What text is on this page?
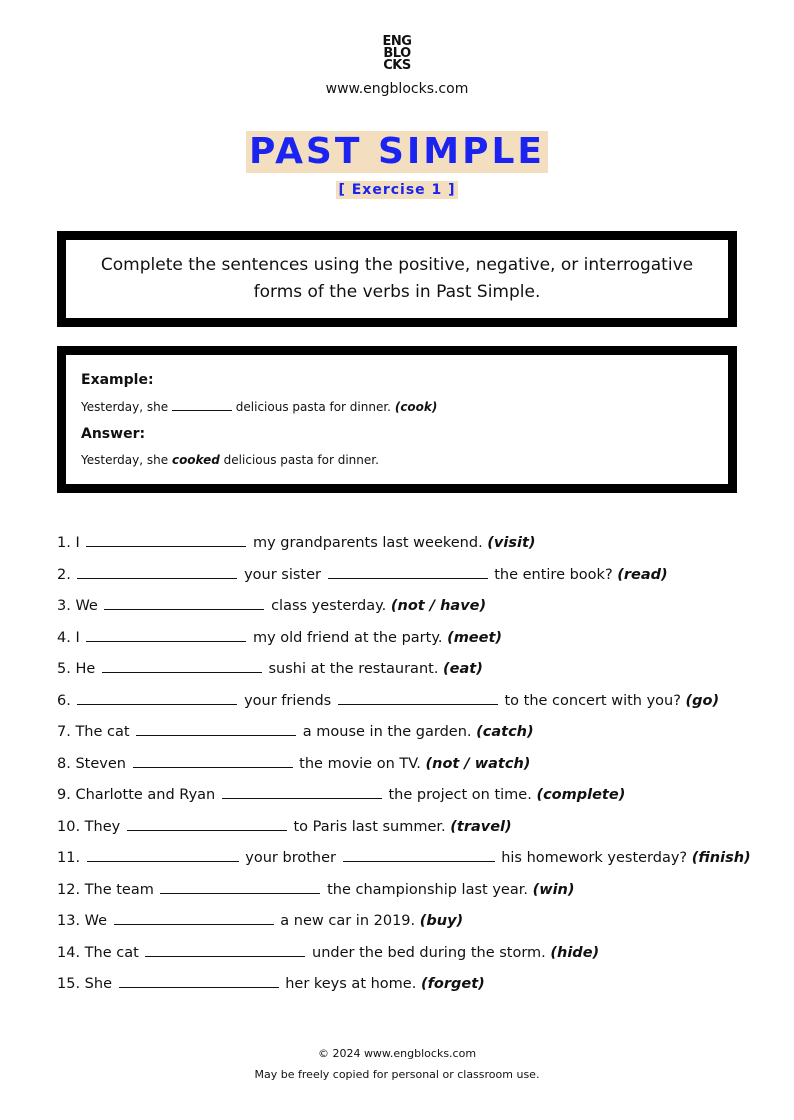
ENG
BLO
CKS
www.engblocks.com
PAST SIMPLE
[ Exercise 1 ]
Complete the sentences using the positive, negative, or interrogative forms of the verbs in Past Simple.
Example:
Yesterday, she	delicious pasta for dinner. (cook)
Answer:
Yesterday, she cooked delicious pasta for dinner.
1. I	my grandparents last weekend. (visit)
2.	your sister	the entire book? (read)
3. We	class yesterday. (not / have)
4. I	my old friend at the party. (meet)
5. He	sushi at the restaurant. (eat)
6.	your friends	to the concert with you? (go)
7. The cat	a mouse in the garden. (catch)
8. Steven	the movie on TV. (not / watch)
9. Charlotte and Ryan	the project on time. (complete)
10. They	to Paris last summer. (travel)
11.	your brother	his homework yesterday? (finish)
12. The team	the championship last year. (win)
13. We	a new car in 2019. (buy)
14. The cat	under the bed during the storm. (hide)
15. She	her keys at home. (forget)
© 2024 www.engblocks.com
May be freely copied for personal or classroom use.
